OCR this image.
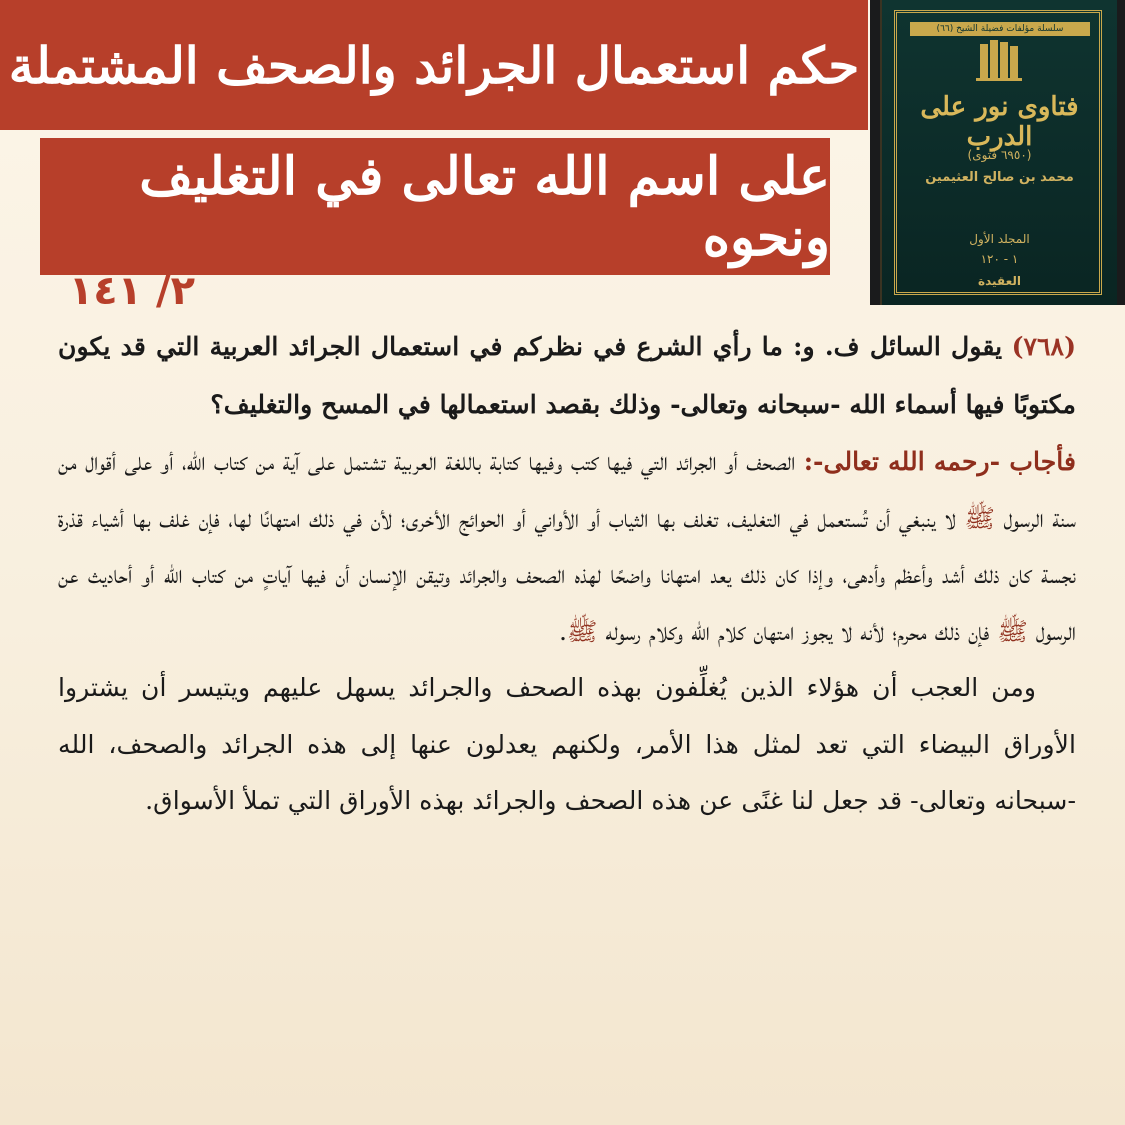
حكم استعمال الجرائد والصحف المشتملة
على اسم الله تعالى في التغليف ونحوه
سلسلة مؤلفات فضيلة الشيخ (٦٦)
فتاوى نور على الدرب
(٦٩٥٠ فتوى)
محمد بن صالح العثيمين
المجلد الأول
١ - ١٢٠
العقيدة
٢/ ١٤١

(٧٦٨) يقول السائل ف. و: ما رأي الشرع في نظركم في استعمال الجرائد العربية التي قد يكون مكتوبًا فيها أسماء الله -سبحانه وتعالى- وذلك بقصد استعمالها في المسح والتغليف؟

فأجاب -رحمه الله تعالى-: الصحف أو الجرائد التي فيها كتب وفيها كتابة باللغة العربية تشتمل على آية من كتاب الله، أو على أقوال من سنة الرسول ﷺ لا ينبغي أن تُستعمل في التغليف، تغلف بها الثياب أو الأواني أو الحوائج الأخرى؛ لأن في ذلك امتهانًا لها، فإن غلف بها أشياء قذرة نجسة كان ذلك أشد وأعظم وأدهى، وإذا كان ذلك يعد امتهانا واضحًا لهذه الصحف والجرائد وتيقن الإنسان أن فيها آياتٍ من كتاب الله أو أحاديث عن الرسول ﷺ فإن ذلك محرم؛ لأنه لا يجوز امتهان كلام الله وكلام رسوله ﷺ.

ومن العجب أن هؤلاء الذين يُغلِّفون بهذه الصحف والجرائد يسهل عليهم ويتيسر أن يشتروا الأوراق البيضاء التي تعد لمثل هذا الأمر، ولكنهم يعدلون عنها إلى هذه الجرائد والصحف، الله -سبحانه وتعالى- قد جعل لنا غنًى عن هذه الصحف والجرائد بهذه الأوراق التي تملأ الأسواق.
